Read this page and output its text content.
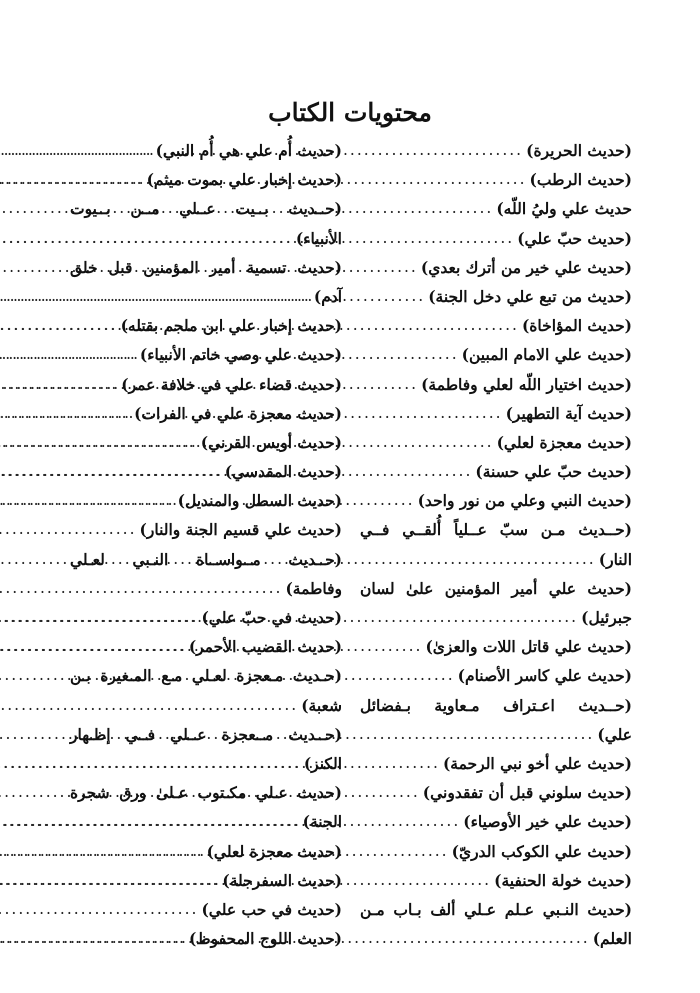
محتويات الكتاب
(حديث الحريرة)
.....
(حديث الرطب)
.....
حديث علي وليُ اللّه)
.....
(حديث حبّ علي)
.....
(حديث علي خير من أترك بعدي)
.....
(حديث من تبع علي دخل الجنة)
.....
(حديث المؤاخاة)
.....
(حديث علي الامام المبين)
.....
(حديث اختيار اللّه لعلي وفاطمة)
.....
(حديث آية التطهير)
.....
(حديث معجزة لعلي)
.....
(حديث حبّ علي حسنة)
.....
(حديث النبي وعلي من نور واحد)
.....
(حــديث مـن سبّ عــلياً أُلقــي فــي
النار)
.....
(حديث علي أمير المؤمنين علىٰ لسان
جبرئيل)
.....
(حديث علي قاتل اللات والعزىٰ)
.....
(حديث علي كاسر الأصنام)
.....
(حــديث اعـتراف مـعاوية بـفضائل
علي)
.....
(حديث علي أخو نبي الرحمة)
.....
(حديث سلوني قبل أن تفقدوني)
.....
(حديث علي خير الأوصياء)
.....
(حديث علي الكوكب الدريّ)
.....
(حديث خولة الحنفية)
.....
(حديث النـبي عـلم عـلي ألف بـاب مـن
العلم)
.....
(حديث أُم علي هي أُم النبي)
.....
(حديث إخبار علي بموت ميثم)
.....
(حــديث بــيت عــلي مــن بــيوت
الأنبياء)
.....
(حديث تسمية أمير المؤمنين قبل خلق
آدم)
.....
(حديث إخبار علي ابن ملجم بقتله)
.....
(حديث علي وصي خاتم الأنبياء)
.....
(حديث قضاء علي في خلافة عمر)
.....
(حديث معجزة علي في الفرات)
.....
(حديث أويس القرني)
.....
(حديث المقدسي)
.....
(حديث السطل والمنديل)
.....
(حديث علي قسيم الجنة والنار)
.....
(حــديث مــواســاة النـبي لعـلي
وفاطمة)
.....
(حديث في حبّ علي)
.....
(حديث القضيب الأحمر)
.....
(حـديث مـعجزة لعـلي مـع المـغيرة بـن
شعبة)
.....
(حــديث مــعجزة عــلي فــي إظـهار
الكنز)
.....
(حديث عـلي مكـتوب عـلىٰ ورق شجرة
الجنة)
.....
(حديث معجزة لعلي)
.....
(حديث السفرجلة)
.....
(حديث في حب علي)
.....
(حديث اللوح المحفوظ)
.....
